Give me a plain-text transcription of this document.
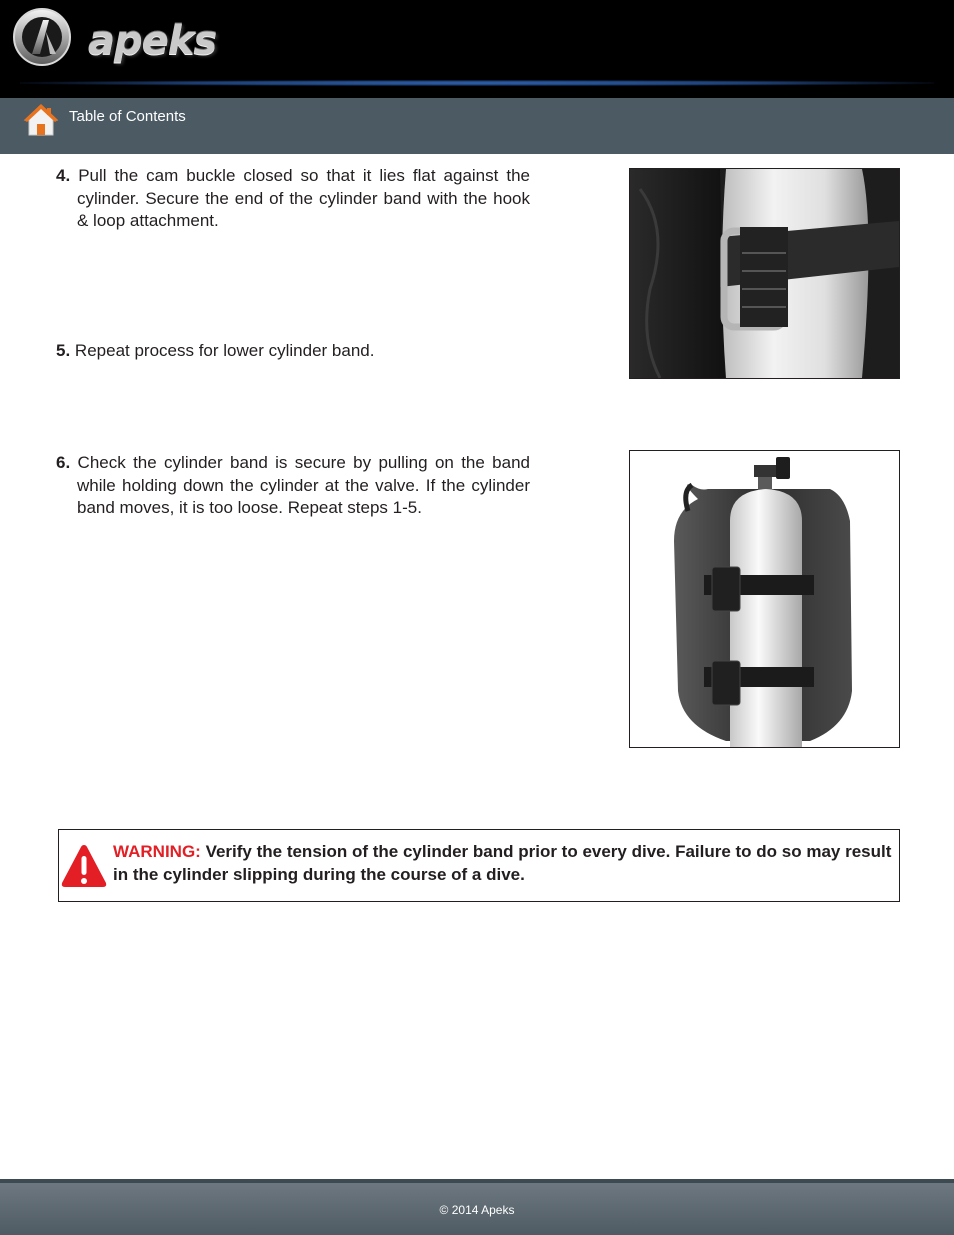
apeks
Table of Contents
4. Pull the cam buckle closed so that it lies flat against the cylinder. Secure the end of the cylinder band with the hook & loop attachment.
5. Repeat process for lower cylinder band.
6. Check the cylinder band is secure by pulling on the band while holding down the cylinder at the valve. If the cylinder band moves, it is too loose. Repeat steps 1-5.
WARNING: Verify the tension of the cylinder band prior to every dive. Failure to do so may result in the cylinder slipping during the course of a dive.
© 2014 Apeks
